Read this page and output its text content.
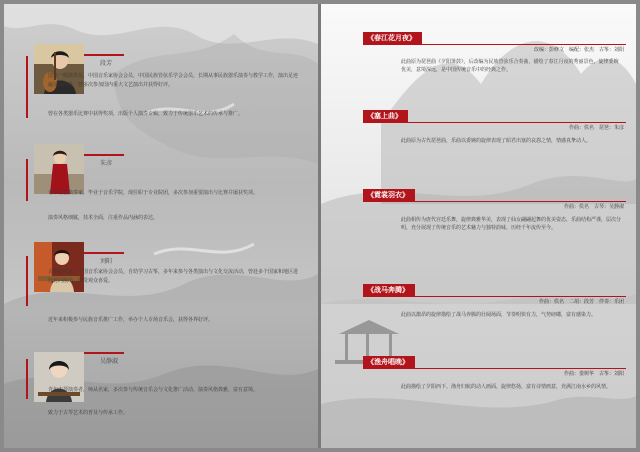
段芳

国家一级演奏员，中国音乐家协会会员，中国民族管弦乐学会会员，长期从事民族器乐演奏与教学工作，演出足迹遍及海内外，曾多次参加国内重大文艺演出并获得好评。

曾在各类器乐比赛中获得奖项，出版个人演奏专辑，致力于传统器乐艺术的传承与推广。

朱彦

青年琵琶演奏家，毕业于音乐学院，现任职于专业院团，多次参加重要演出与比赛并屡获奖项。

演奏风格细腻，技术全面，注重作品内涵的表达。

刘阳

古筝演奏家，中国音乐家协会会员，自幼学习古筝，多年来参与各类演出与文化交流活动，曾赴多个国家和地区进行访问演出，深受观众喜爱。

近年来积极参与民族音乐推广工作，举办个人专场音乐会，获得各界好评。

吴静淑

青年古琴演奏者，师从名家，多次参与传统音乐会与文化推广活动，演奏风格典雅，富有意境。

致力于古琴艺术的普及与传承工作。

《春江花月夜》
改编：彭修文　编配：张杰　古筝：刘阳

此曲原为琵琶曲《夕阳箫鼓》，后改编为民族管弦乐合奏曲，描绘了春江月夜的秀丽景色，旋律委婉优美，意境深远，是中国传统音乐中的经典之作。

《塞上曲》
作曲：佚名　琵琶：朱彦

此曲原为古代琵琶曲，乐曲以委婉的旋律表现了昭君出塞的哀怨之情，情感真挚动人。

《霓裳羽衣》
作曲：佚名　古琴：吴静淑

此曲相传为唐代宫廷乐舞，旋律典雅华美，表现了仙女翩翩起舞的优美姿态，乐曲结构严谨，层次分明，充分展现了传统音乐的艺术魅力与独特韵味，历经千年流传至今。

《战马奔腾》
作曲：佚名　二胡：段芳　伴奏：乐团

此曲以激昂的旋律描绘了战马奔腾的壮阔场面，节奏明快有力，气势磅礴，富有感染力。

《渔舟唱晚》
作曲：娄树华　古筝：刘阳

此曲描绘了夕阳西下、渔舟归航的动人画面，旋律悠扬，富有诗情画意，充满江南水乡的风情。
